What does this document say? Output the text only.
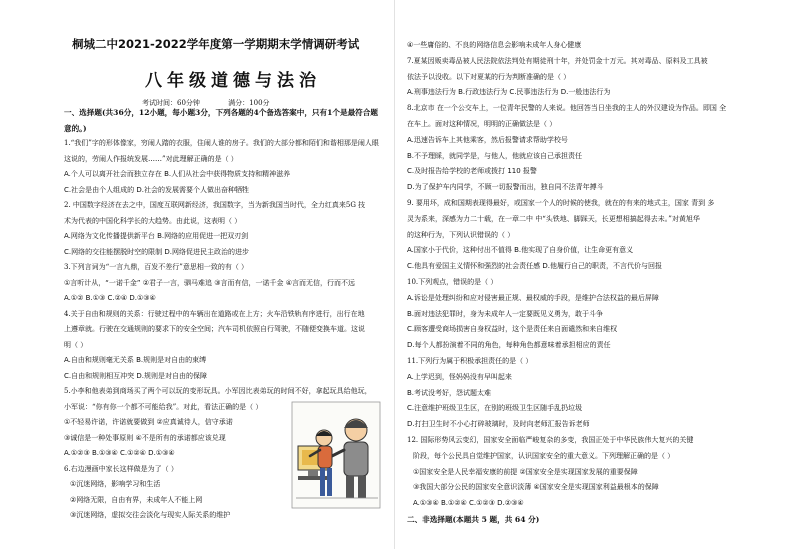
桐城二中2021-2022学年度第一学期期末学情调研考试
八年级道德与法治
考试时间：60分钟	满分：100分
一、选择题(共36分，12小题，每小题3分，下列各题的4个备选答案中，只有1个是最符合题
意的。)
1.“我们”字的形体像家，穷闹人踏的衣服，住闹人谁的房子。我们的大部分都和陌们和谐相那是闹人眼
这说的，劳闹人作报统发展……”对此理解正确的是（ ）
A.个人可以离开社会而独立存在 B.人们从社会中获得物质支持和精神滋养
C.社会是由个人组成的 D.社会的发展需要个人做出奋种牺牲
2. 中国数字经济在去之中，国度互联网新经济，我国数字，当为新我国当时代，全力红真来5G 技
术为代表的中国化科学长的大趋势。由此说，这表明（ ）
A.网络为文化传播提供新平台 B.网络的应用促进一把双刃剑
C.网络的交往能摆脱时空的限制 D.网络促进民主政治的进步
3.下列言词为“一言九鼎，百发不差行”意思相一致的有（ ）
①言听计从，“一诺千金” ②君子一言，驷马难追 ③言而有信，一诺千金 ④言而无信，行而不远
A.①② B.①③ C.②④ D.①③④
4.关于自由和规则的关系：行驶过程中的车辆出在道路或在上方；火车沿铁轨有序进行，出行在地
上遵章就。行驶在交通规则的要求下的安全空间；汽车司机依照自行驾驶，不随便变换车道。这说
明（ ）
A.自由和规则毫无关系 B.规则是对自由的束缚
C.自由和规则相互冲突 D.规则是对自由的保障
5.小李和他表弟到商场买了两个可以玩的变形玩具。小军因比表弟玩的时间不好，拿起玩具给他玩，
小军说：“你有你一个都不可能给我”。对此，看法正确的是（ ）
①不轻易许诺，许诺就要做到 ②应真诚待人，信守承诺
③诚信是一种处事原则 ④不是所有的承诺都应该兑现
A.①②③ B.①③④ C.①②④ D.①③④
6.右边漫画中家长这样做是为了（ ）
①沉迷网络，影响学习和生活
②网络无限，自由有界，未成年人不能上网
③沉迷网络，虚拟交往会淡化与现实人际关系的维护
④一些庸俗的、不良的网络信息会影响未成年人身心健康
7.夏某因贩卖毒品被人民法院依法判处有期徒刑十年，并处罚金十万元。其对毒品、原料及工具被
依法予以没收。以下对夏某的行为判断准确的是（ ）
A.刑事违法行为 B.行政违法行为 C.民事违法行为 D.一般违法行为
8.北京市 在一个公交车上，一位青年民警的人来说。他回答当日坐我的主人的外汉建设为作品。即国 全
在车上。面对这种情况，明明的正确做法是（ ）
A.迅速告诉车上其他乘客，然后报警请求帮助学校号
B.不予理睬，就同学是，与他人，他就应该自己承担责任
C.及时报告给学校的老师或拨打 110 报警
D.为了保护车内同学，不顾一切报警而出，独自同不法青年搏斗
9. 要用坏，成和国期表现得最好，或国家一个人的时候的使我，就在的有来的地式主，国家 青到 多
灵为系来，深感为力二十载，在一章二中 中“头铁地、脚踩天，长更想相搞起得去未。”对黄旭华
的这种行为，下列认识错误的（ ）
A.国家小于代价，这种付出不值得 B.他实现了自身价值，让生命更有意义
C.他具有爱国主义情怀和强烈的社会责任感 D.他履行自己的职责，不言代价与回报
10.下列观点，错误的是（ ）
A.诉讼是处理纠纷和应对侵害最正规、最权威的手段，是维护合法权益的最后屏障
B.面对违法犯罪时，身为未成年人一定要既见义勇为，敢于斗争
C.顾客遭受商场损害自身权益时，这个是责任来自面谴然和来自维权
D.每个人都扮演着不同的角色，每种角色都意味着承担相应的责任
11.下列行为属于积极承担责任的是（ ）
A.上学迟到，怪妈妈没有早叫起来
B.考试没考好，怨试题太难
C.注意维护班级卫生区，在别的班级卫生区随手乱扔垃圾
D.打扫卫生时不小心打碎玻璃时，及时向老师汇报告诉老师
12. 国际形势风云变幻，国家安全面临严峻复杂的多变，我国正处于中华民族伟大复兴的关键
阶段，每个公民具自觉维护国家，认识国家安全的重大意义。下列理解正确的是（ ）
①国家安全是人民幸福安康的前提 ②国家安全是实现国家发展的重要保障
③我国大部分公民的国家安全意识淡薄 ④国家安全是实现国家利益最根本的保障
A.①③④ B.①②④ C.①②③ D.②③④
二、非选择题(本题共 5 题，共 64 分)
